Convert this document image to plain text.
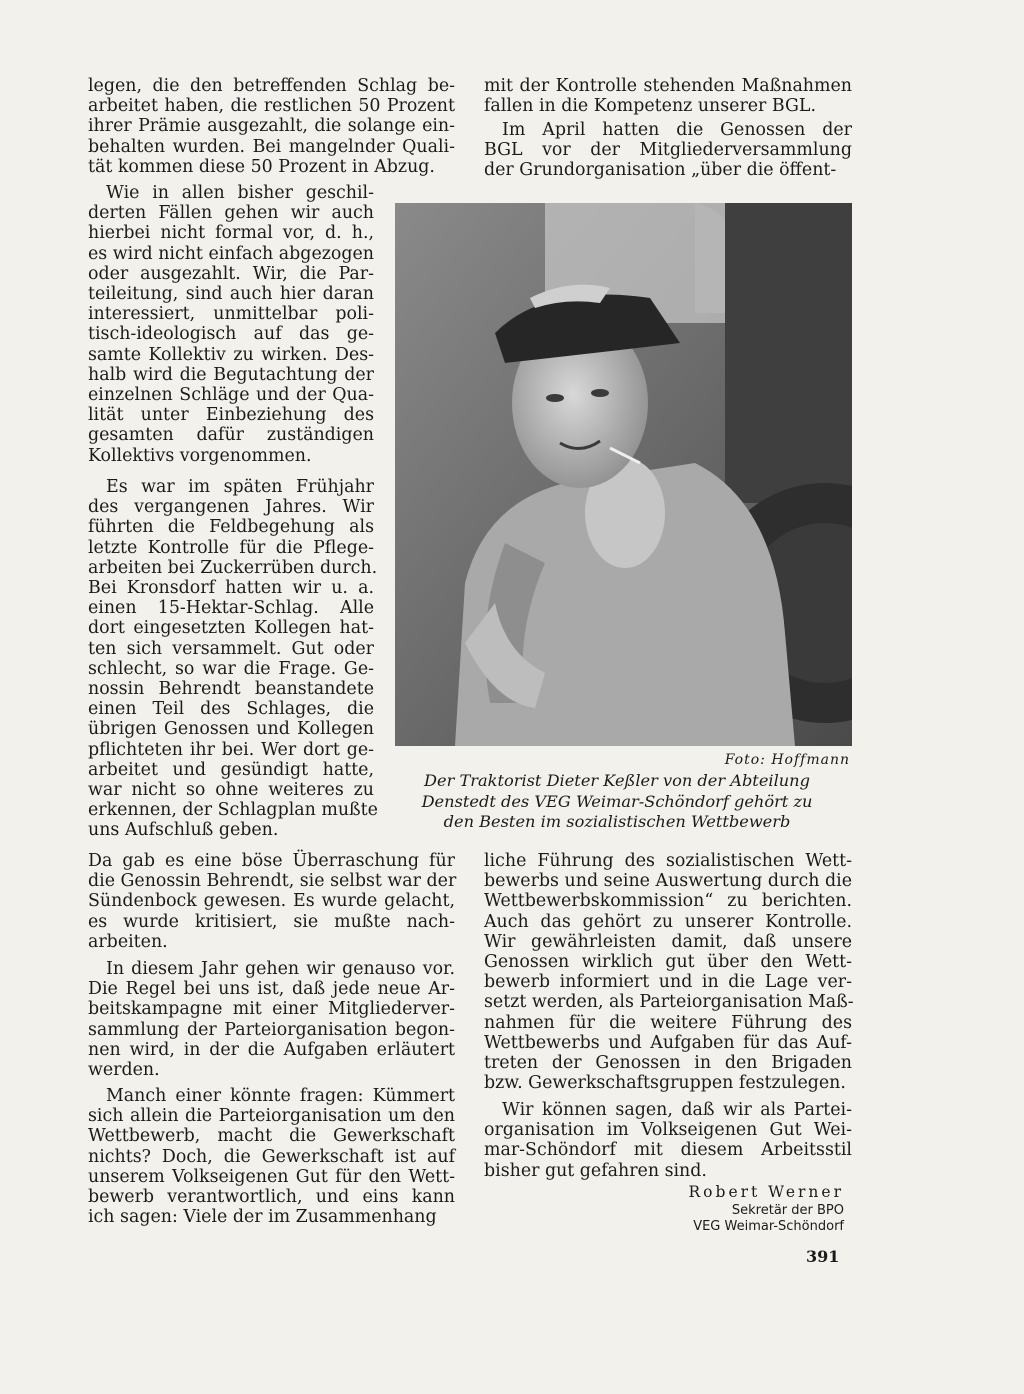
legen, die den betreffenden Schlag be-
arbeitet haben, die restlichen 50 Prozent
ihrer Prämie ausgezahlt, die solange ein-
behalten wurden. Bei mangelnder Quali-
tät kommen diese 50 Prozent in Abzug.
Wie in allen bisher geschil-
derten Fällen gehen wir auch
hierbei nicht formal vor, d. h.,
es wird nicht einfach abgezogen
oder ausgezahlt. Wir, die Par-
teileitung, sind auch hier daran
interessiert, unmittelbar poli-
tisch-ideologisch auf das ge-
samte Kollektiv zu wirken. Des-
halb wird die Begutachtung der
einzelnen Schläge und der Qua-
lität unter Einbeziehung des
gesamten dafür zuständigen
Kollektivs vorgenommen.
Es war im späten Frühjahr
des vergangenen Jahres. Wir
führten die Feldbegehung als
letzte Kontrolle für die Pflege-
arbeiten bei Zuckerrüben durch.
Bei Kronsdorf hatten wir u. a.
einen 15-Hektar-Schlag. Alle
dort eingesetzten Kollegen hat-
ten sich versammelt. Gut oder
schlecht, so war die Frage. Ge-
nossin Behrendt beanstandete
einen Teil des Schlages, die
übrigen Genossen und Kollegen
pflichteten ihr bei. Wer dort ge-
arbeitet und gesündigt hatte,
war nicht so ohne weiteres zu
erkennen, der Schlagplan mußte
uns Aufschluß geben.
Da gab es eine böse Überraschung für
die Genossin Behrendt, sie selbst war der
Sündenbock gewesen. Es wurde gelacht,
es wurde kritisiert, sie mußte nach-
arbeiten.
In diesem Jahr gehen wir genauso vor.
Die Regel bei uns ist, daß jede neue Ar-
beitskampagne mit einer Mitgliederver-
sammlung der Parteiorganisation begon-
nen wird, in der die Aufgaben erläutert
werden.
Manch einer könnte fragen: Kümmert
sich allein die Parteiorganisation um den
Wettbewerb, macht die Gewerkschaft
nichts? Doch, die Gewerkschaft ist auf
unserem Volkseigenen Gut für den Wett-
bewerb verantwortlich, und eins kann
ich sagen: Viele der im Zusammenhang
mit der Kontrolle stehenden Maßnahmen
fallen in die Kompetenz unserer BGL.
Im April hatten die Genossen der
BGL vor der Mitgliederversammlung
der Grundorganisation „über die öffent-
Foto: Hoffmann
Der Traktorist Dieter Keßler von der Abteilung
Denstedt des VEG Weimar-Schöndorf gehört zu
den Besten im sozialistischen Wettbewerb
liche Führung des sozialistischen Wett-
bewerbs und seine Auswertung durch die
Wettbewerbskommission“ zu berichten.
Auch das gehört zu unserer Kontrolle.
Wir gewährleisten damit, daß unsere
Genossen wirklich gut über den Wett-
bewerb informiert und in die Lage ver-
setzt werden, als Parteiorganisation Maß-
nahmen für die weitere Führung des
Wettbewerbs und Aufgaben für das Auf-
treten der Genossen in den Brigaden
bzw. Gewerkschaftsgruppen festzulegen.
Wir können sagen, daß wir als Partei-
organisation im Volkseigenen Gut Wei-
mar-Schöndorf mit diesem Arbeitsstil
bisher gut gefahren sind.
Robert Werner
Sekretär der BPO
VEG Weimar-Schöndorf
391
